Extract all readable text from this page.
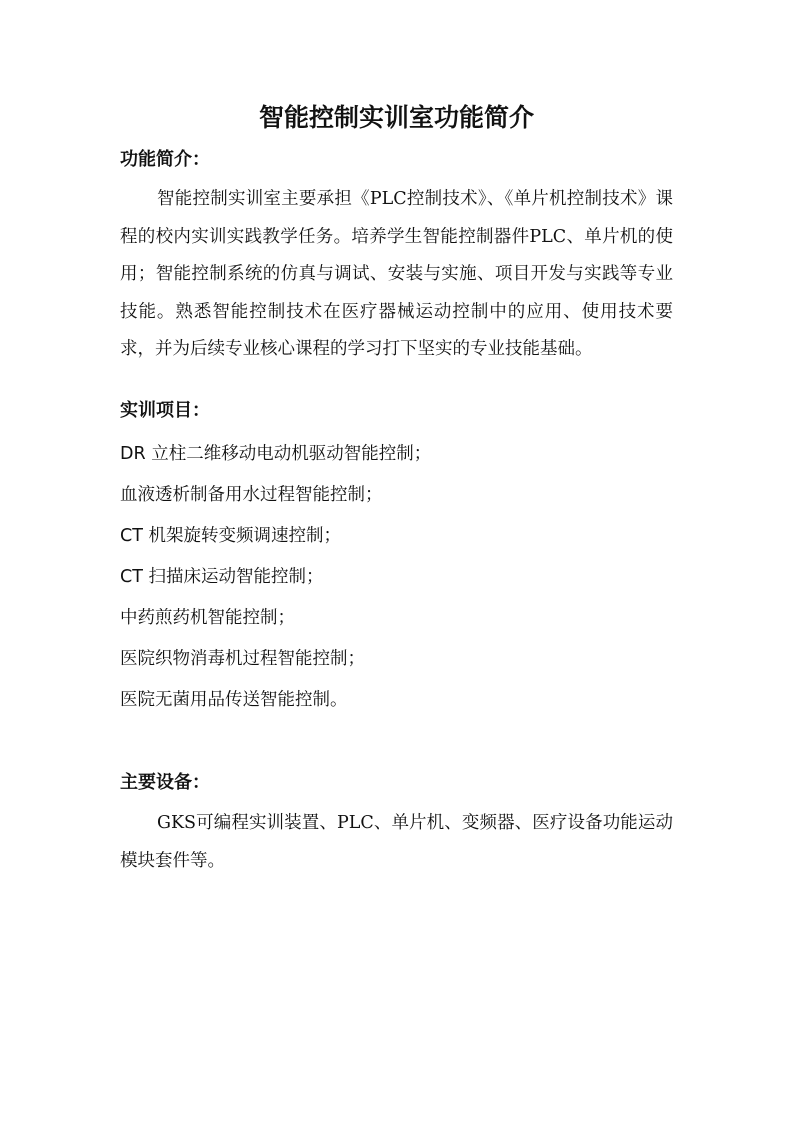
智能控制实训室功能简介
功能简介：
智能控制实训室主要承担《PLC控制技术》、《单片机控制技术》课程的校内实训实践教学任务。培养学生智能控制器件PLC、单片机的使用；智能控制系统的仿真与调试、安装与实施、项目开发与实践等专业技能。熟悉智能控制技术在医疗器械运动控制中的应用、使用技术要求，并为后续专业核心课程的学习打下坚实的专业技能基础。
实训项目：
DR 立柱二维移动电动机驱动智能控制；
血液透析制备用水过程智能控制；
CT 机架旋转变频调速控制；
CT 扫描床运动智能控制；
中药煎药机智能控制；
医院织物消毒机过程智能控制；
医院无菌用品传送智能控制。
主要设备：
GKS可编程实训装置、PLC、单片机、变频器、医疗设备功能运动模块套件等。
